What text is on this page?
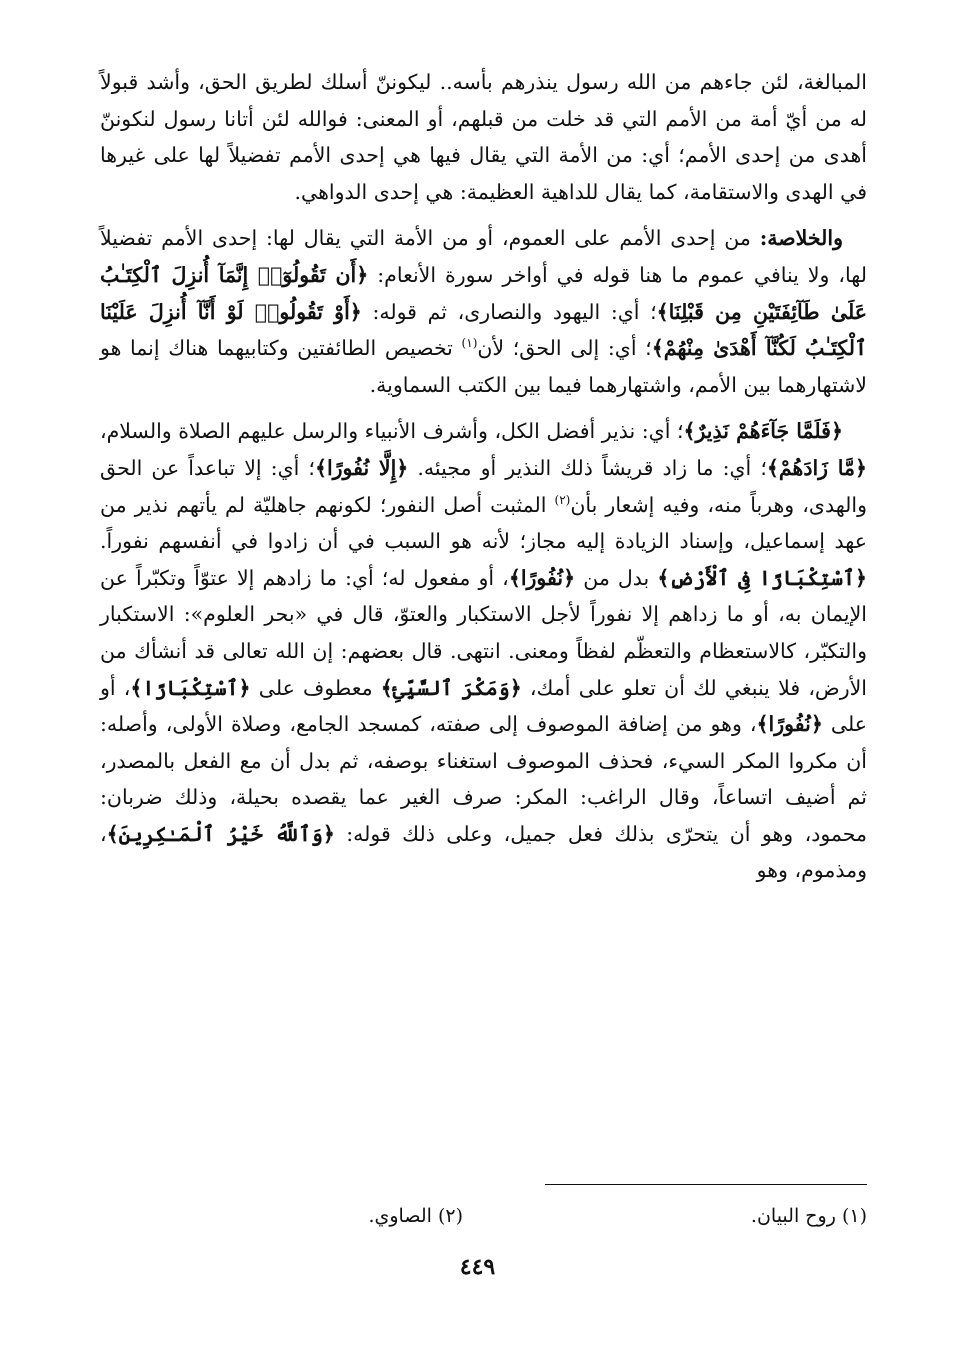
المبالغة، لئن جاءهم من الله رسول ينذرهم بأسه.. ليكوننّ أسلك لطريق الحق، وأشد قبولاً له من أيّ أمة من الأمم التي قد خلت من قبلهم، أو المعنى: فوالله لئن أتانا رسول لنكوننّ أهدى من إحدى الأمم؛ أي: من الأمة التي يقال فيها هي إحدى الأمم تفضيلاً لها على غيرها في الهدى والاستقامة، كما يقال للداهية العظيمة: هي إحدى الدواهي.

والخلاصة: من إحدى الأمم على العموم، أو من الأمة التي يقال لها: إحدى الأمم تفضيلاً لها، ولا ينافي عموم ما هنا قوله في أواخر سورة الأنعام: ﴿أَن تَقُولُوٓا۟ إِنَّمَآ أُنزِلَ ٱلْكِتَـٰبُ عَلَىٰ طَآئِفَتَيْنِ مِن قَبْلِنَا﴾؛ أي: اليهود والنصارى، ثم قوله: ﴿أَوْ تَقُولُوا۟ لَوْ أَنَّآ أُنزِلَ عَلَيْنَا ٱلْكِتَـٰبُ لَكُنَّآ أَهْدَىٰ مِنْهُمْ﴾؛ أي: إلى الحق؛ لأن$^{(١)}$ تخصيص الطائفتين وكتابيهما هناك إنما هو لاشتهارهما بين الأمم، واشتهارهما فيما بين الكتب السماوية.

﴿فَلَمَّا جَآءَهُمْ نَذِيرٌ﴾؛ أي: نذير أفضل الكل، وأشرف الأنبياء والرسل عليهم الصلاة والسلام، ﴿مَّا زَادَهُمْ﴾؛ أي: ما زاد قريشاً ذلك النذير أو مجيئه. ﴿إِلَّا نُفُورًا﴾؛ أي: إلا تباعداً عن الحق والهدى، وهرباً منه، وفيه إشعار بأن$^{(٢)}$ المثبت أصل النفور؛ لكونهم جاهليّة لم يأتهم نذير من عهد إسماعيل، وإسناد الزيادة إليه مجاز؛ لأنه هو السبب في أن زادوا في أنفسهم نفوراً. ﴿ٱسْتِكْبَارًا فِى ٱلْأَرْضِ﴾ بدل من ﴿نُفُورًا﴾، أو مفعول له؛ أي: ما زادهم إلا عتوّاً وتكبّراً عن الإيمان به، أو ما زداهم إلا نفوراً لأجل الاستكبار والعتوّ، قال في «بحر العلوم»: الاستكبار والتكبّر، كالاستعظام والتعظّم لفظاً ومعنى. انتهى. قال بعضهم: إن الله تعالى قد أنشأك من الأرض، فلا ينبغي لك أن تعلو على أمك، ﴿وَمَكْرَ ٱلسَّيِّئِ﴾ معطوف على ﴿ٱسْتِكْبَارًا﴾، أو على ﴿نُفُورًا﴾، وهو من إضافة الموصوف إلى صفته، كمسجد الجامع، وصلاة الأولى، وأصله: أن مكروا المكر السيء، فحذف الموصوف استغناء بوصفه، ثم بدل أن مع الفعل بالمصدر، ثم أضيف اتساعاً، وقال الراغب: المكر: صرف الغير عما يقصده بحيلة، وذلك ضربان: محمود، وهو أن يتحرّى بذلك فعل جميل، وعلى ذلك قوله: ﴿وَٱللَّهُ خَيْرُ ٱلْمَـٰكِرِينَ﴾، ومذموم، وهو

(١) روح البيان.
(٢) الصاوي.
٤٤٩
